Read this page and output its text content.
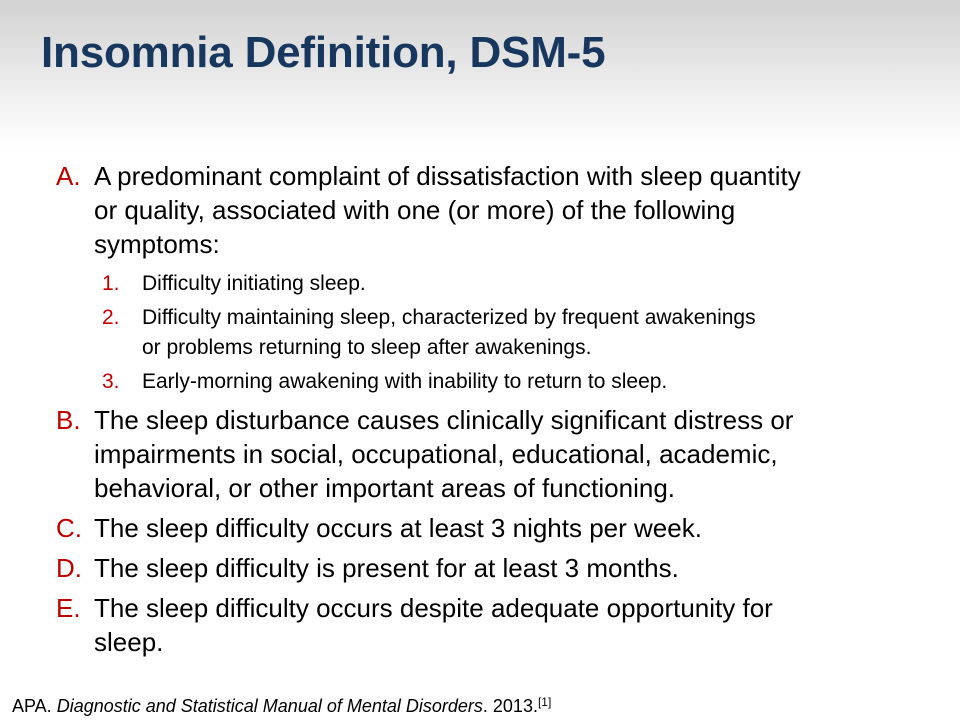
Insomnia Definition, DSM-5
A. A predominant complaint of dissatisfaction with sleep quantity
or quality, associated with one (or more) of the following
symptoms:
1.	Difficulty initiating sleep.
2.	Difficulty maintaining sleep, characterized by frequent awakenings
or problems returning to sleep after awakenings.
3.	Early-morning awakening with inability to return to sleep.
B. The sleep disturbance causes clinically significant distress or
impairments in social, occupational, educational, academic,
behavioral, or other important areas of functioning.
C. The sleep difficulty occurs at least 3 nights per week.
D. The sleep difficulty is present for at least 3 months.
E. The sleep difficulty occurs despite adequate opportunity for
sleep.
APA. Diagnostic and Statistical Manual of Mental Disorders. 2013.[1]
